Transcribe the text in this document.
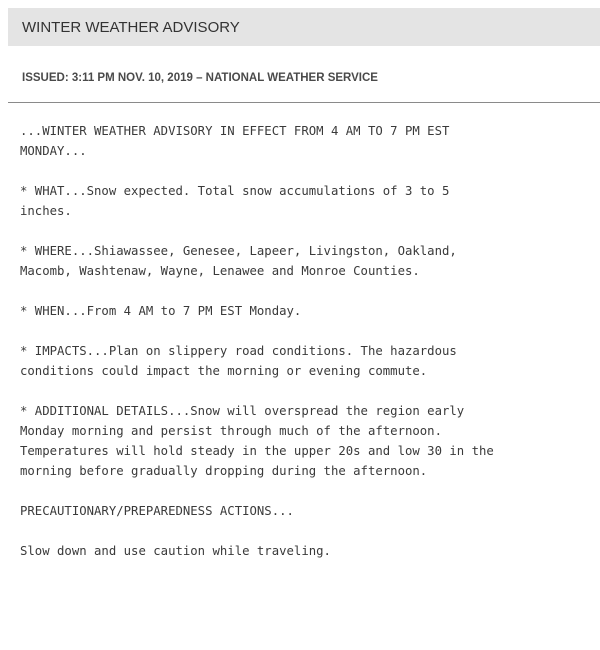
WINTER WEATHER ADVISORY
ISSUED: 3:11 PM NOV. 10, 2019 – NATIONAL WEATHER SERVICE

...WINTER WEATHER ADVISORY IN EFFECT FROM 4 AM TO 7 PM EST
MONDAY...

* WHAT...Snow expected. Total snow accumulations of 3 to 5
inches.

* WHERE...Shiawassee, Genesee, Lapeer, Livingston, Oakland,
Macomb, Washtenaw, Wayne, Lenawee and Monroe Counties.

* WHEN...From 4 AM to 7 PM EST Monday.

* IMPACTS...Plan on slippery road conditions. The hazardous
conditions could impact the morning or evening commute.

* ADDITIONAL DETAILS...Snow will overspread the region early
Monday morning and persist through much of the afternoon.
Temperatures will hold steady in the upper 20s and low 30 in the
morning before gradually dropping during the afternoon.

PRECAUTIONARY/PREPAREDNESS ACTIONS...

Slow down and use caution while traveling.
